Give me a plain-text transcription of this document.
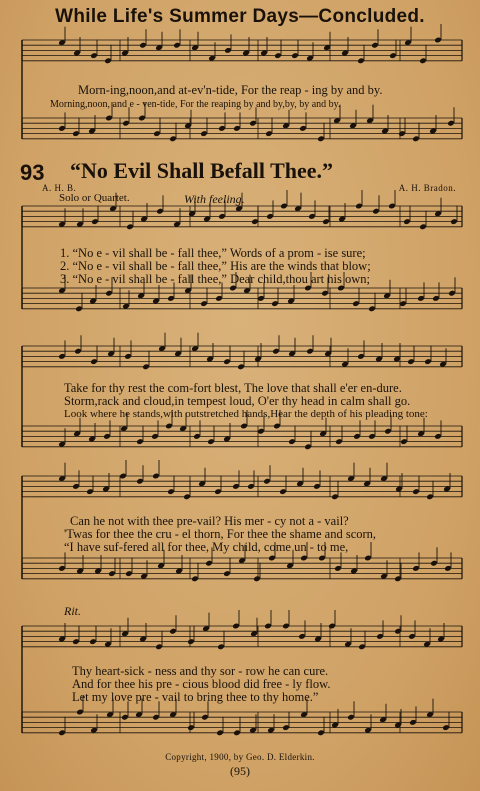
While Life's Summer Days—Concluded.
Morn-ing,noon,and at-ev'n-tide, For the reap - ing by and by.
Morning,noon, and e - ven-tide, For the reaping by and by,by, by and by.
93 “No Evil Shall Befall Thee.”
A. H. B.	A. H. Bradon.
Solo or Quartet.	With feeling.
1. “No e - vil shall be - fall thee,” Words of a prom - ise sure;
2. “No e - vil shall be - fall thee,” His are the winds that blow;
3. “No e - vil shall be - fall thee,” Dear child,thou art his own;
Take for thy rest the com-fort blest, The love that shall e'er en-dure.
Storm,rack and cloud,in tempest loud, O'er thy head in calm shall go.
Look where he stands,with outstretched hands,Hear the depth of his pleading tone:
Can he not with thee pre-vail? His mer - cy not a - vail?
'Twas for thee the cru - el thorn, For thee the shame and scorn,
“I have suf-fered all for thee, My child, come un - to me,
Rit.
Thy heart-sick - ness and thy sor - row he can cure.
And for thee his pre - cious blood did free - ly flow.
Let my love pre - vail to bring thee to thy home.”
Copyright, 1900, by Geo. D. Elderkin.
(95)
